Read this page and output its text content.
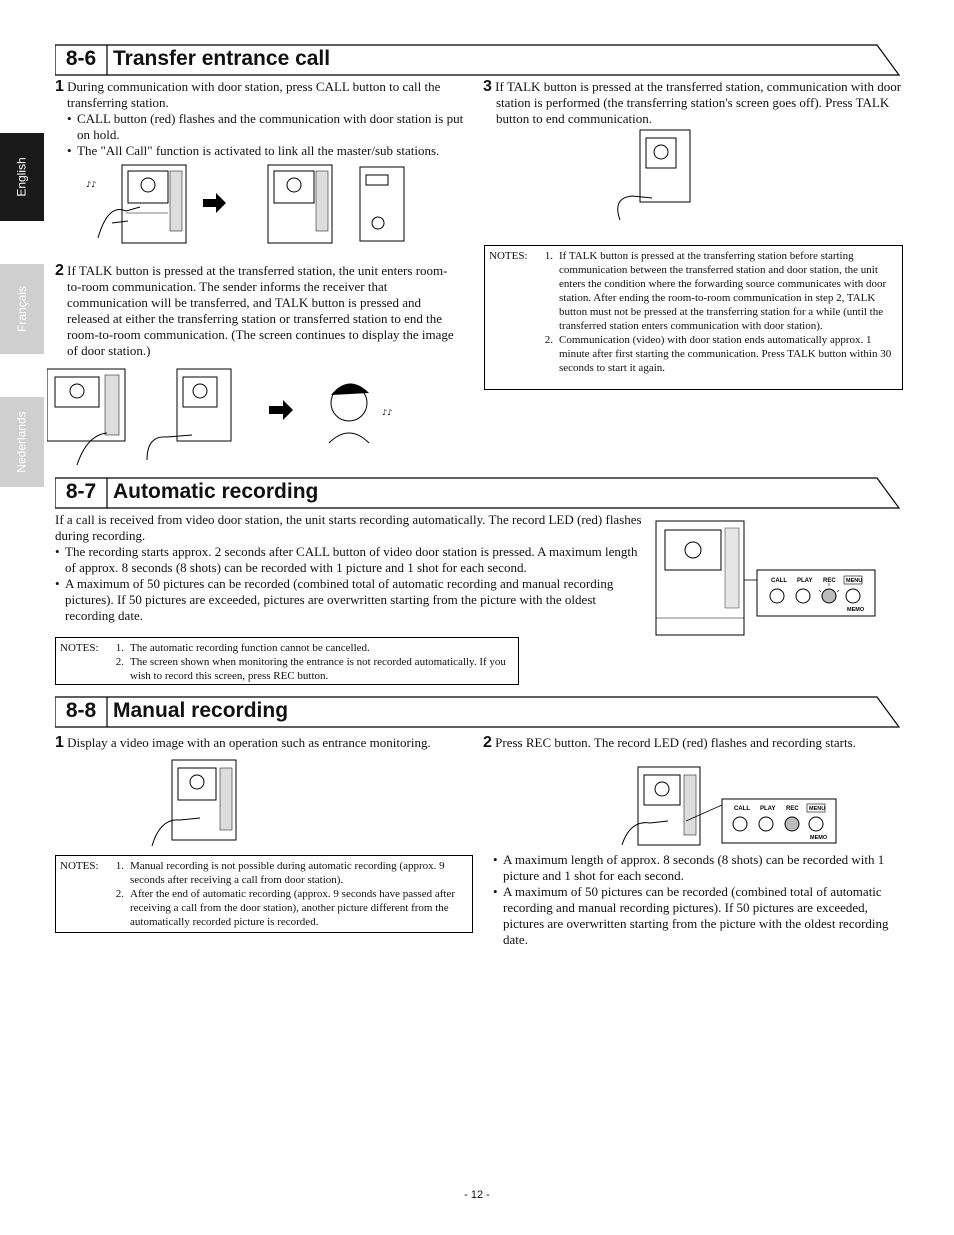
English
Français
Nederlands
8-6 Transfer entrance call
1 During communication with door station, press CALL button to call the transferring station.
• CALL button (red) flashes and the communication with door station is put on hold.
• The "All Call" function is activated to link all the master/sub stations.
♪♪
2 If TALK button is pressed at the transferred station, the unit enters room-to-room communication. The sender informs the receiver that communication will be transferred, and TALK button is pressed and released at either the transferring station or transferred station to end the room-to-room communication. (The screen continues to display the image of door station.)
♪♪
3 If TALK button is pressed at the transferred station, communication with door station is performed (the transferring station's screen goes off). Press TALK button to end communication.
NOTES:	1. If TALK button is pressed at the transferring station before starting communication between the transferred station and door station, the unit enters the condition where the forwarding source communicates with door station. After ending the room-to-room communication in step 2, TALK button must not be pressed at the transferring station for a while (until the transferred station enters communication with door station).
2. Communication (video) with door station ends automatically approx. 1 minute after first starting the communication. Press TALK button within 30 seconds to start it again.
8-7 Automatic recording
If a call is received from video door station, the unit starts recording automatically. The record LED (red) flashes during recording.
• The recording starts approx. 2 seconds after CALL button of video door station is pressed. A maximum length of approx. 8 seconds (8 shots) can be recorded with 1 picture and 1 shot for each second.
• A maximum of 50 pictures can be recorded (combined total of automatic recording and manual recording pictures). If 50 pictures are exceeded, pictures are overwritten starting from the picture with the oldest recording date.
CALL PLAY REC MENU
MEMO
NOTES:	1. The automatic recording function cannot be cancelled.
2. The screen shown when monitoring the entrance is not recorded automatically. If you wish to record this screen, press REC button.
8-8 Manual recording
1 Display a video image with an operation such as entrance monitoring.
NOTES:	1. Manual recording is not possible during automatic recording (approx. 9 seconds after receiving a call from door station).
2. After the end of automatic recording (approx. 9 seconds have passed after receiving a call from the door station), another picture different from the automatically recorded picture is recorded.
2 Press REC button. The record LED (red) flashes and recording starts.
CALL PLAY REC MENU
MEMO
• A maximum length of approx. 8 seconds (8 shots) can be recorded with 1 picture and 1 shot for each second.
• A maximum of 50 pictures can be recorded (combined total of automatic recording and manual recording pictures). If 50 pictures are exceeded, pictures are overwritten starting from the picture with the oldest recording date.
- 12 -
